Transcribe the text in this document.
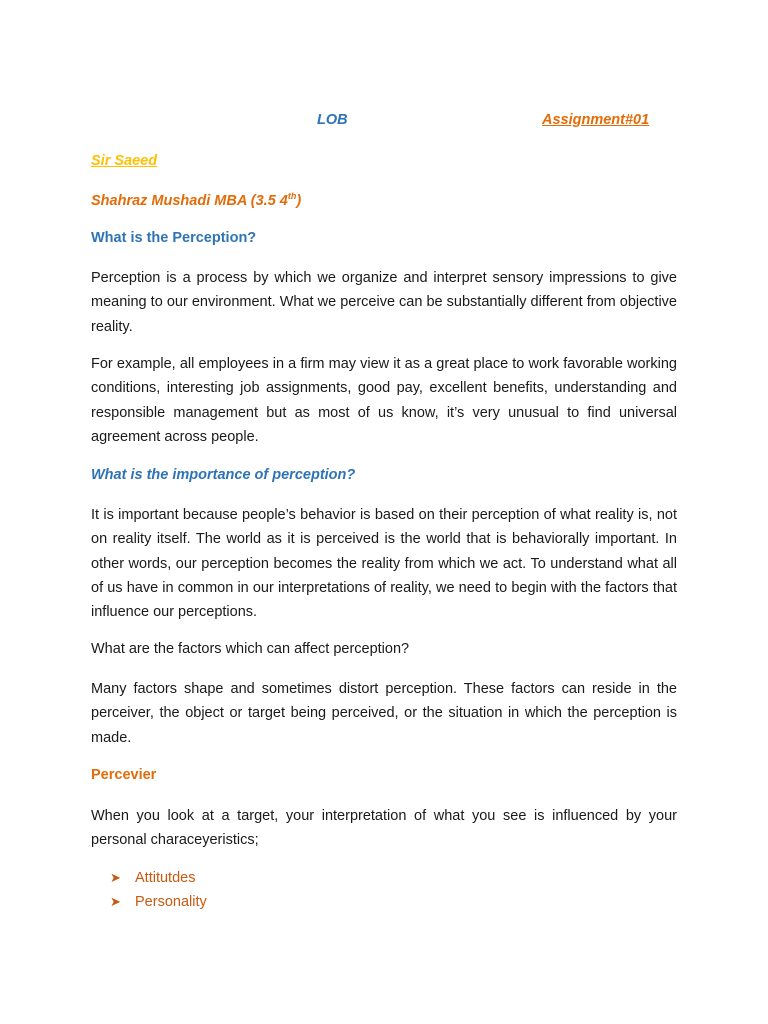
LOB	Assignment#01
Sir Saeed
Shahraz Mushadi MBA (3.5 4th)
What is the Perception?

Perception is a process by which we organize and interpret sensory impressions to give meaning to our environment. What we perceive can be substantially different from objective reality.

For example, all employees in a firm may view it as a great place to work favorable working conditions, interesting job assignments, good pay, excellent benefits, understanding and responsible management but as most of us know, it’s very unusual to find universal agreement across people.

What is the importance of perception?

It is important because people’s behavior is based on their perception of what reality is, not on reality itself. The world as it is perceived is the world that is behaviorally important. In other words, our perception becomes the reality from which we act. To understand what all of us have in common in our interpretations of reality, we need to begin with the factors that influence our perceptions.

What are the factors which can affect perception?

Many factors shape and sometimes distort perception. These factors can reside in the perceiver, the object or target being perceived, or the situation in which the perception is made.

Percevier

When you look at a target, your interpretation of what you see is influenced by your personal characeyeristics;

➤ Attitutdes
➤ Personality
